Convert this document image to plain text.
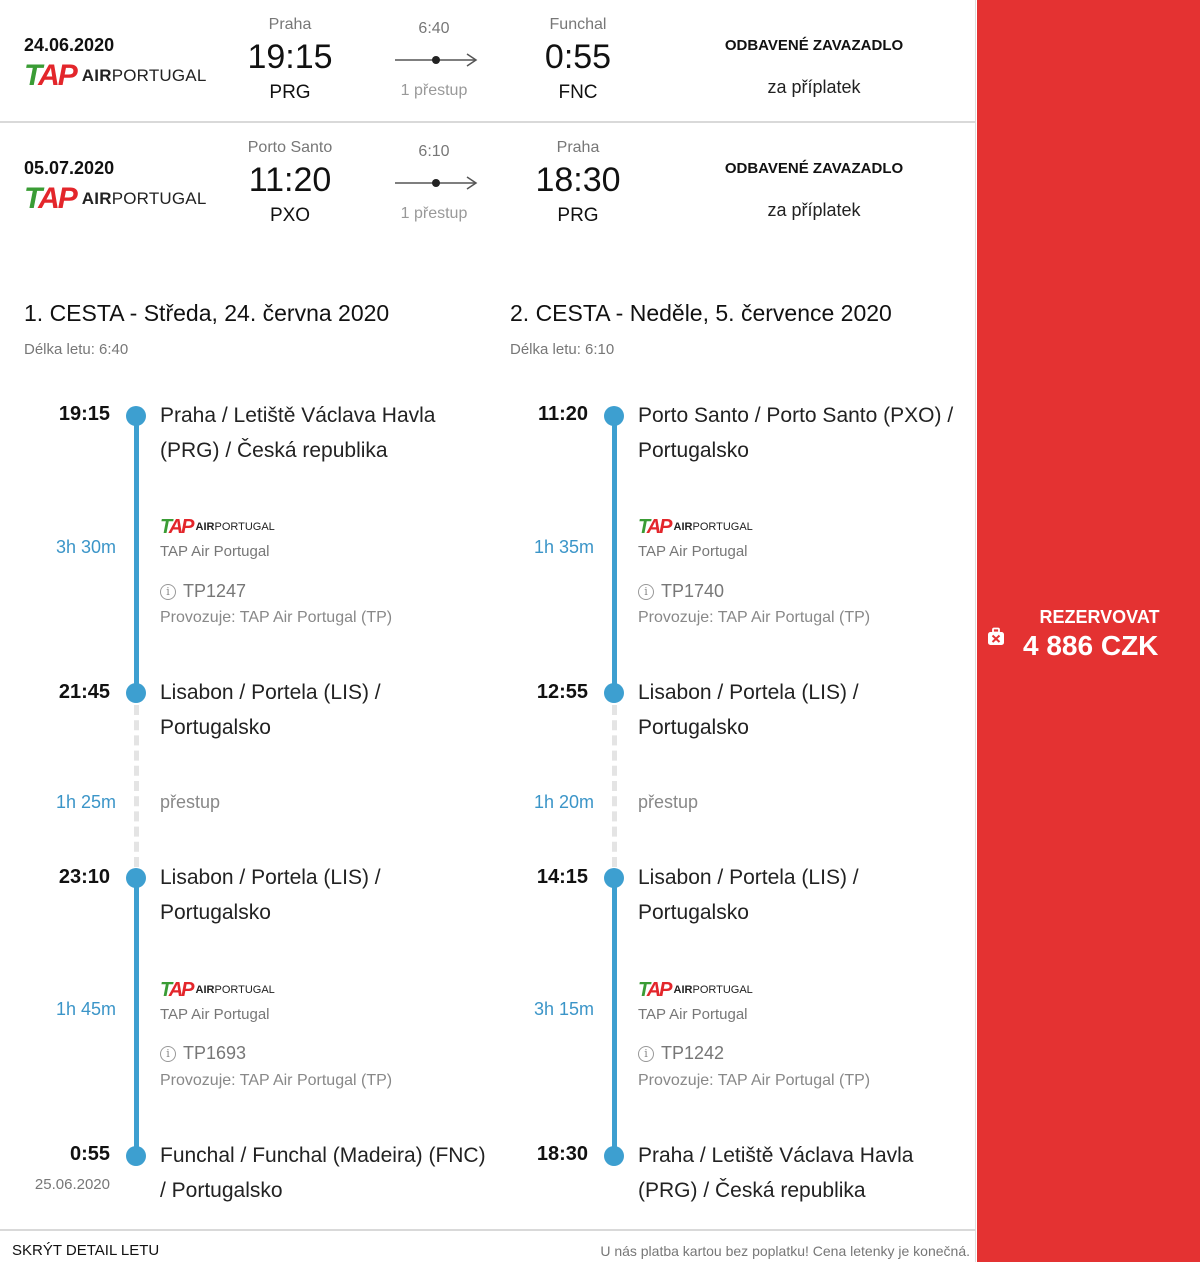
24.06.2020
TAP AIRPORTUGAL
Praha
19:15
PRG
6:40
1 přestup
Funchal
0:55
FNC
ODBAVENÉ ZAVAZADLO
za příplatek
05.07.2020
TAP AIRPORTUGAL
Porto Santo
11:20
PXO
6:10
1 přestup
Praha
18:30
PRG
ODBAVENÉ ZAVAZADLO
za příplatek
1. CESTA - Středa, 24. června 2020
Délka letu: 6:40
19:15 Praha / Letiště Václava Havla (PRG) / Česká republika
3h 30m
TAP AIRPORTUGAL
TAP Air Portugal
i TP1247
Provozuje: TAP Air Portugal (TP)
21:45 Lisabon / Portela (LIS) / Portugalsko
1h 25m přestup
23:10 Lisabon / Portela (LIS) / Portugalsko
1h 45m
TAP AIRPORTUGAL
TAP Air Portugal
i TP1693
Provozuje: TAP Air Portugal (TP)
0:55
25.06.2020
Funchal / Funchal (Madeira) (FNC) / Portugalsko
2. CESTA - Neděle, 5. července 2020
Délka letu: 6:10
11:20 Porto Santo / Porto Santo (PXO) / Portugalsko
1h 35m
TAP AIRPORTUGAL
TAP Air Portugal
i TP1740
Provozuje: TAP Air Portugal (TP)
12:55 Lisabon / Portela (LIS) / Portugalsko
1h 20m přestup
14:15 Lisabon / Portela (LIS) / Portugalsko
3h 15m
TAP AIRPORTUGAL
TAP Air Portugal
i TP1242
Provozuje: TAP Air Portugal (TP)
18:30 Praha / Letiště Václava Havla (PRG) / Česká republika
SKRÝT DETAIL LETU	U nás platba kartou bez poplatku! Cena letenky je konečná.
REZERVOVAT
4 886 CZK
